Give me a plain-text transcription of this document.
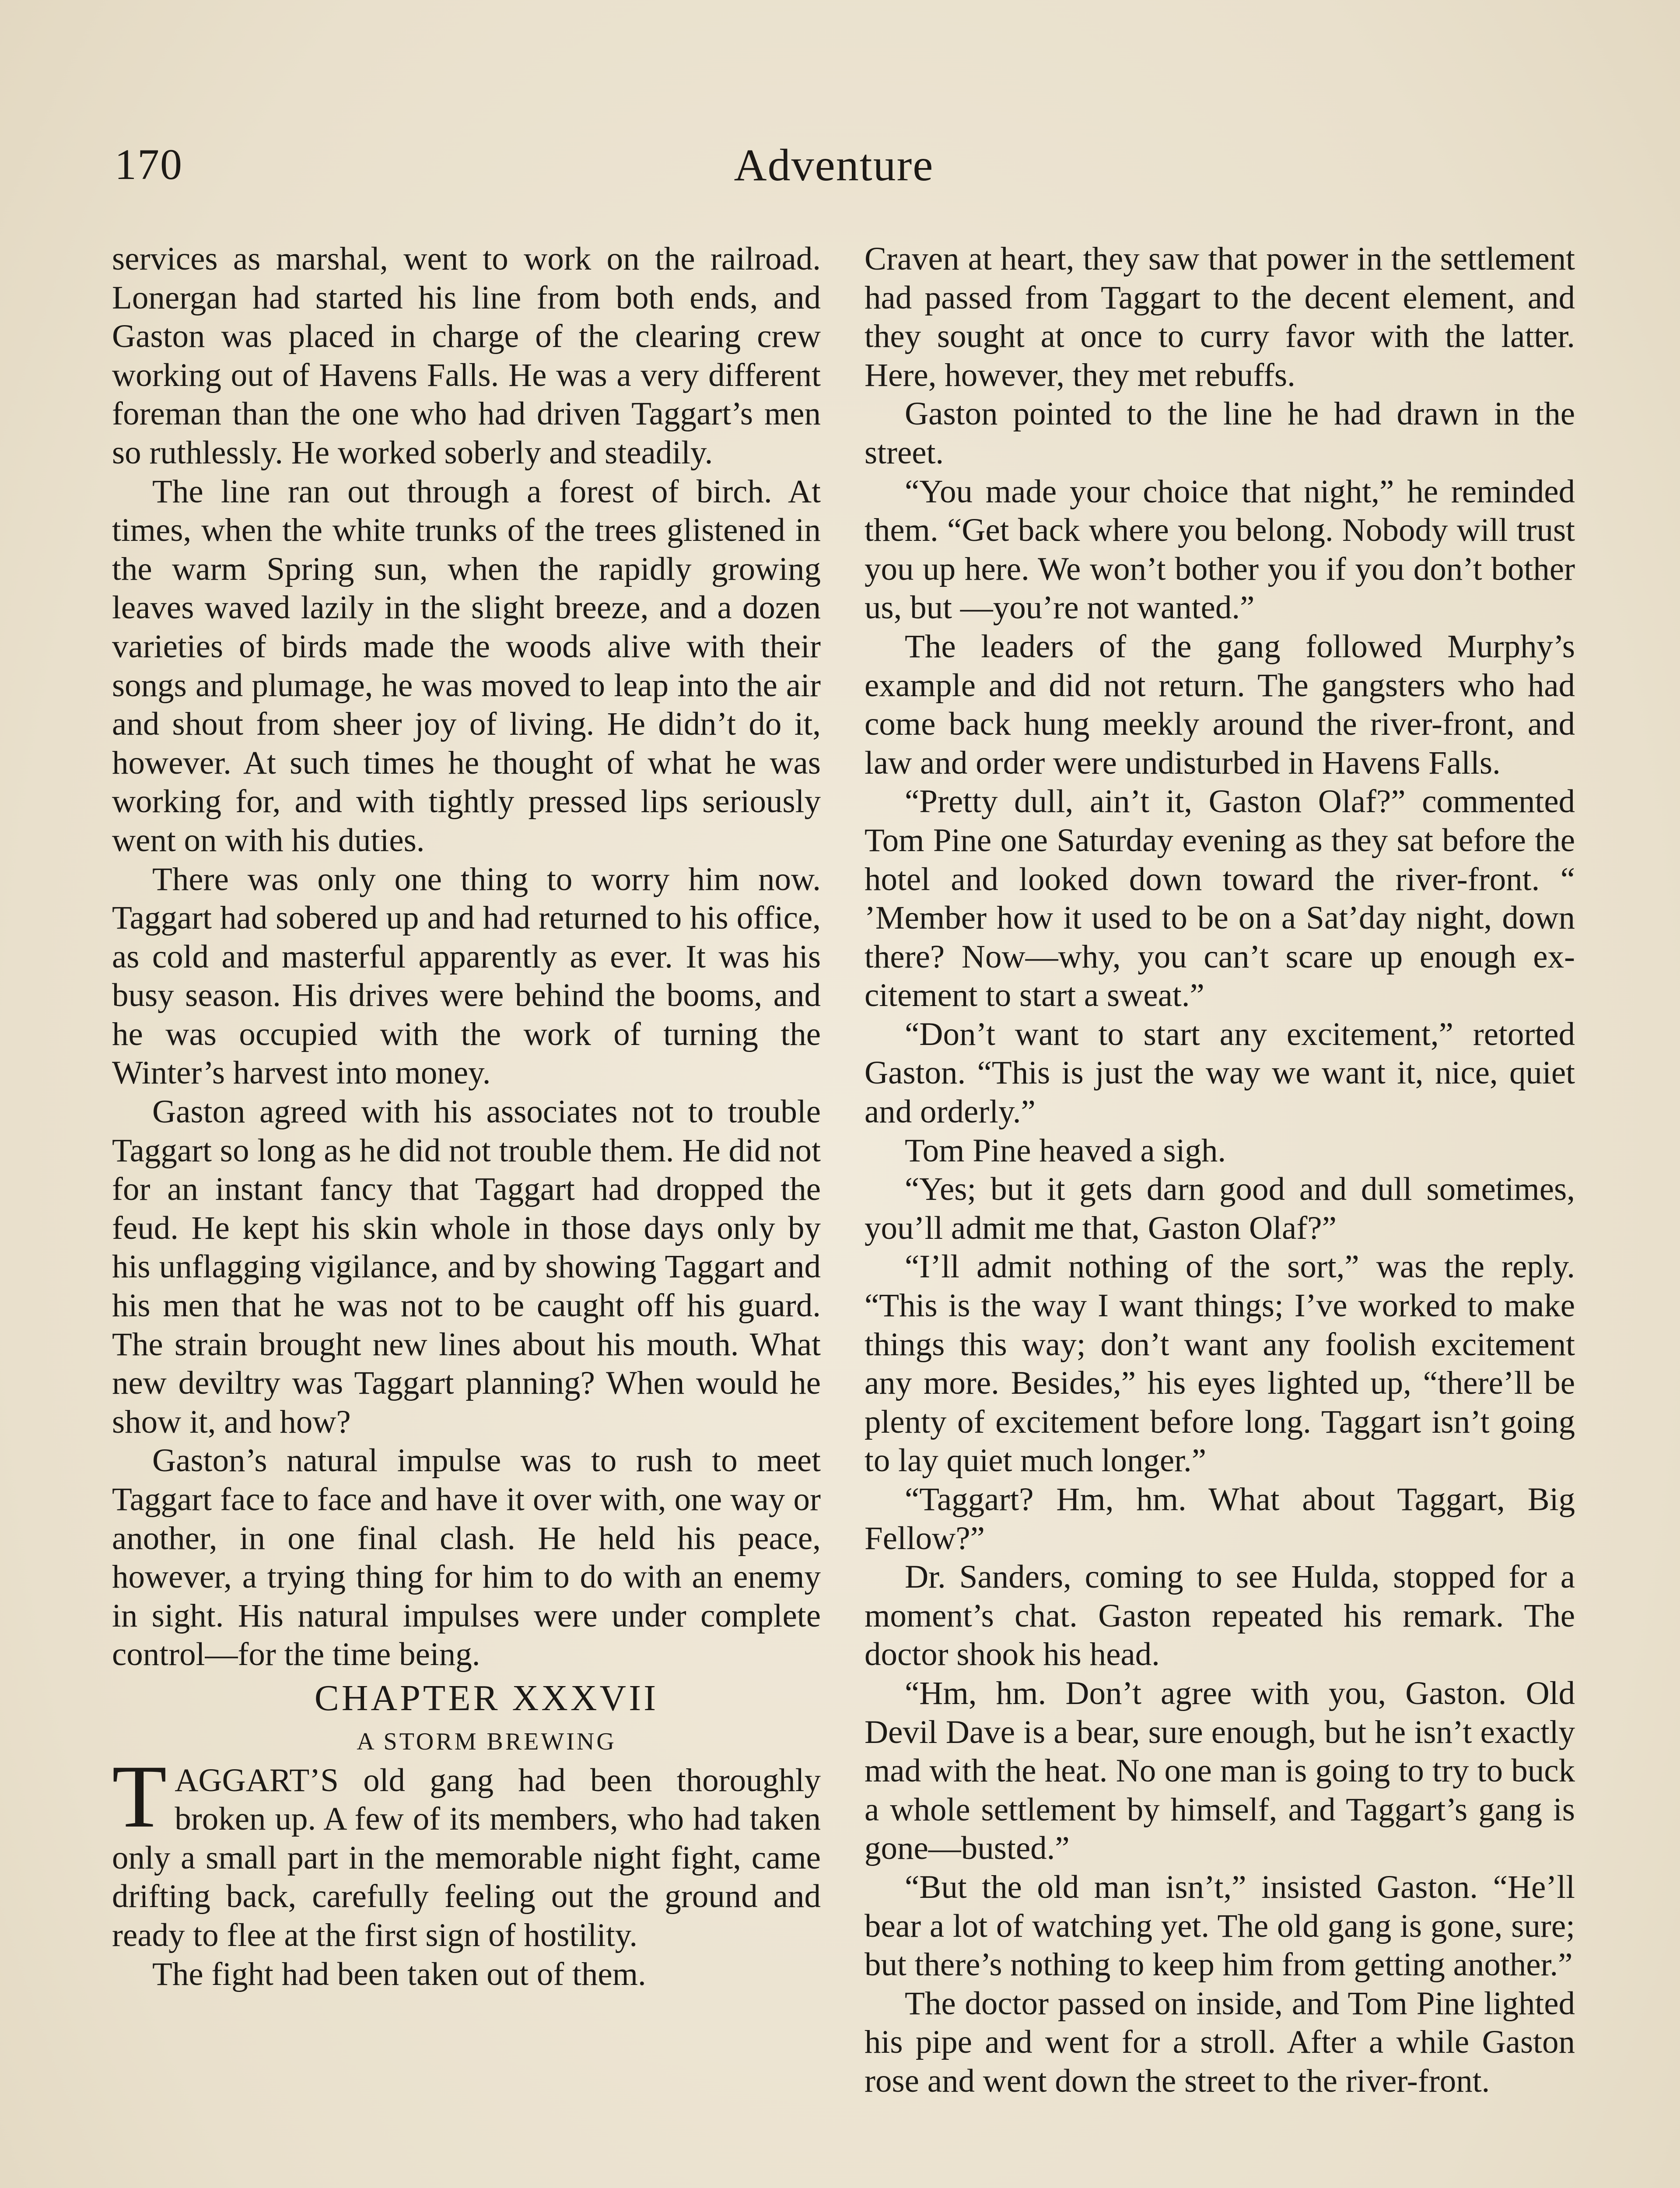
170	Adventure

services as marshal, went to work on the railroad. Lonergan had started his line from both ends, and Gaston was placed in charge of the clearing crew working out of Havens Falls. He was a very different foreman than the one who had driven Taggart’s men so ruthlessly. He worked soberly and steadily.

The line ran out through a forest of birch. At times, when the white trunks of the trees glistened in the warm Spring sun, when the rapidly growing leaves waved lazily in the slight breeze, and a dozen varieties of birds made the woods alive with their songs and plumage, he was moved to leap into the air and shout from sheer joy of living. He didn’t do it, however. At such times he thought of what he was working for, and with tightly pressed lips seriously went on with his duties.

There was only one thing to worry him now. Taggart had sobered up and had returned to his office, as cold and masterful apparently as ever. It was his busy season. His drives were behind the booms, and he was occupied with the work of turning the Winter’s harvest into money.

Gaston agreed with his associates not to trouble Taggart so long as he did not trouble them. He did not for an instant fancy that Taggart had dropped the feud. He kept his skin whole in those days only by his unflagging vigilance, and by showing Taggart and his men that he was not to be caught off his guard. The strain brought new lines about his mouth. What new deviltry was Taggart planning? When would he show it, and how?

Gaston’s natural impulse was to rush to meet Taggart face to face and have it over with, one way or another, in one final clash. He held his peace, however, a trying thing for him to do with an enemy in sight. His natural impulses were under complete control—for the time being.

CHAPTER XXXVII

A STORM BREWING

TAGGART’S old gang had been thoroughly broken up. A few of its members, who had taken only a small part in the memorable night fight, came drifting back, carefully feeling out the ground and ready to flee at the first sign of hostility.

The fight had been taken out of them.

Craven at heart, they saw that power in the settlement had passed from Taggart to the decent element, and they sought at once to curry favor with the latter. Here, however, they met rebuffs.

Gaston pointed to the line he had drawn in the street.

“You made your choice that night,” he reminded them. “Get back where you belong. Nobody will trust you up here. We won’t bother you if you don’t bother us, but —you’re not wanted.”

The leaders of the gang followed Murphy’s example and did not return. The gangsters who had come back hung meekly around the river-front, and law and order were undisturbed in Havens Falls.

“Pretty dull, ain’t it, Gaston Olaf?” commented Tom Pine one Saturday evening as they sat before the hotel and looked down toward the river-front. “ ’Member how it used to be on a Sat’day night, down there? Now—why, you can’t scare up enough excitement to start a sweat.”

“Don’t want to start any excitement,” retorted Gaston. “This is just the way we want it, nice, quiet and orderly.”

Tom Pine heaved a sigh.

“Yes; but it gets darn good and dull sometimes, you’ll admit me that, Gaston Olaf?”

“I’ll admit nothing of the sort,” was the reply. “This is the way I want things; I’ve worked to make things this way; don’t want any foolish excitement any more. Besides,” his eyes lighted up, “there’ll be plenty of excitement before long. Taggart isn’t going to lay quiet much longer.”

“Taggart? Hm, hm. What about Taggart, Big Fellow?”

Dr. Sanders, coming to see Hulda, stopped for a moment’s chat. Gaston repeated his remark. The doctor shook his head.

“Hm, hm. Don’t agree with you, Gaston. Old Devil Dave is a bear, sure enough, but he isn’t exactly mad with the heat. No one man is going to try to buck a whole settlement by himself, and Taggart’s gang is gone—busted.”

“But the old man isn’t,” insisted Gaston. “He’ll bear a lot of watching yet. The old gang is gone, sure; but there’s nothing to keep him from getting another.”

The doctor passed on inside, and Tom Pine lighted his pipe and went for a stroll. After a while Gaston rose and went down the street to the river-front.
